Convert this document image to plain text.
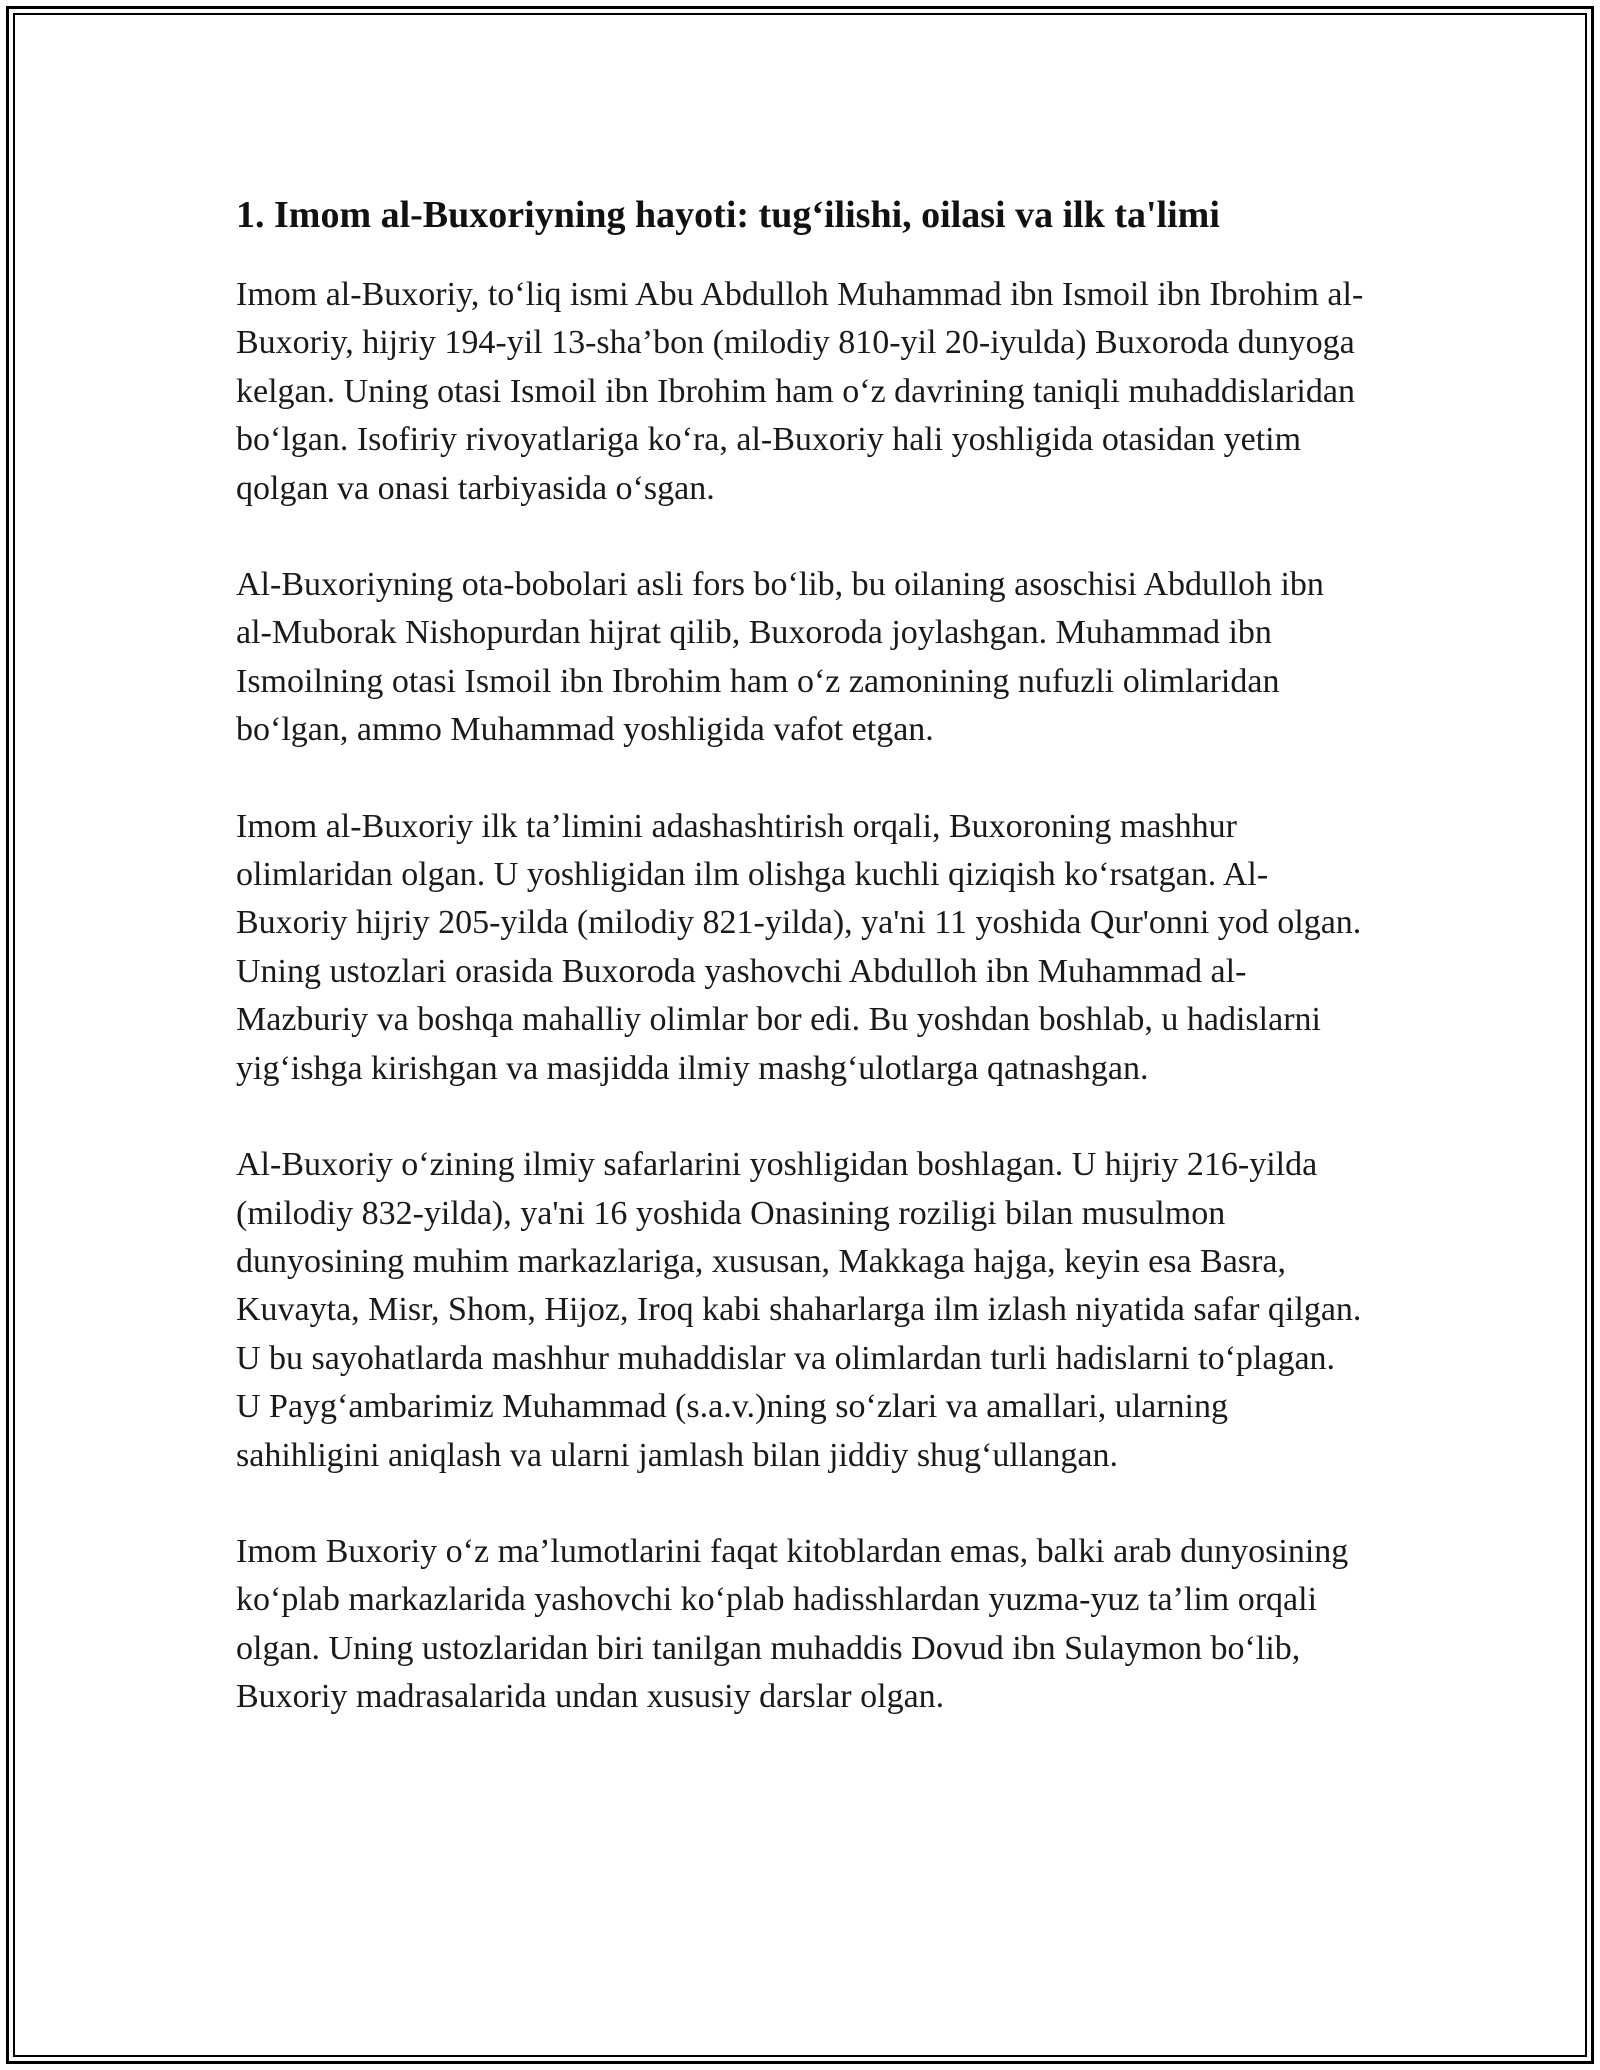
1. Imom al-Buxoriyning hayoti: tug‘ilishi, oilasi va ilk ta'limi

Imom al-Buxoriy, to‘liq ismi Abu Abdulloh Muhammad ibn Ismoil ibn Ibrohim al-Buxoriy, hijriy 194-yil 13-sha’bon (milodiy 810-yil 20-iyulda) Buxoroda dunyoga kelgan. Uning otasi Ismoil ibn Ibrohim ham o‘z davrining taniqli muhaddislaridan bo‘lgan. Isofiriy rivoyatlariga ko‘ra, al-Buxoriy hali yoshligida otasidan yetim qolgan va onasi tarbiyasida o‘sgan.

Al-Buxoriyning ota-bobolari asli fors bo‘lib, bu oilaning asoschisi Abdulloh ibn al-Muborak Nishopurdan hijrat qilib, Buxoroda joylashgan. Muhammad ibn Ismoilning otasi Ismoil ibn Ibrohim ham o‘z zamonining nufuzli olimlaridan bo‘lgan, ammo Muhammad yoshligida vafot etgan.

Imom al-Buxoriy ilk ta’limini adashashtirish orqali, Buxoroning mashhur olimlaridan olgan. U yoshligidan ilm olishga kuchli qiziqish ko‘rsatgan. Al-Buxoriy hijriy 205-yilda (milodiy 821-yilda), ya'ni 11 yoshida Qur'onni yod olgan. Uning ustozlari orasida Buxoroda yashovchi Abdulloh ibn Muhammad al-Mazburiy va boshqa mahalliy olimlar bor edi. Bu yoshdan boshlab, u hadislarni yig‘ishga kirishgan va masjidda ilmiy mashg‘ulotlarga qatnashgan.

Al-Buxoriy o‘zining ilmiy safarlarini yoshligidan boshlagan. U hijriy 216-yilda (milodiy 832-yilda), ya'ni 16 yoshida Onasining roziligi bilan musulmon dunyosining muhim markazlariga, xususan, Makkaga hajga, keyin esa Basra, Kuvayta, Misr, Shom, Hijoz, Iroq kabi shaharlarga ilm izlash niyatida safar qilgan. U bu sayohatlarda mashhur muhaddislar va olimlardan turli hadislarni to‘plagan. U Payg‘ambarimiz Muhammad (s.a.v.)ning so‘zlari va amallari, ularning sahihligini aniqlash va ularni jamlash bilan jiddiy shug‘ullangan.

Imom Buxoriy o‘z ma’lumotlarini faqat kitoblardan emas, balki arab dunyosining ko‘plab markazlarida yashovchi ko‘plab hadisshlardan yuzma-yuz ta’lim orqali olgan. Uning ustozlaridan biri tanilgan muhaddis Dovud ibn Sulaymon bo‘lib, Buxoriy madrasalarida undan xususiy darslar olgan.
